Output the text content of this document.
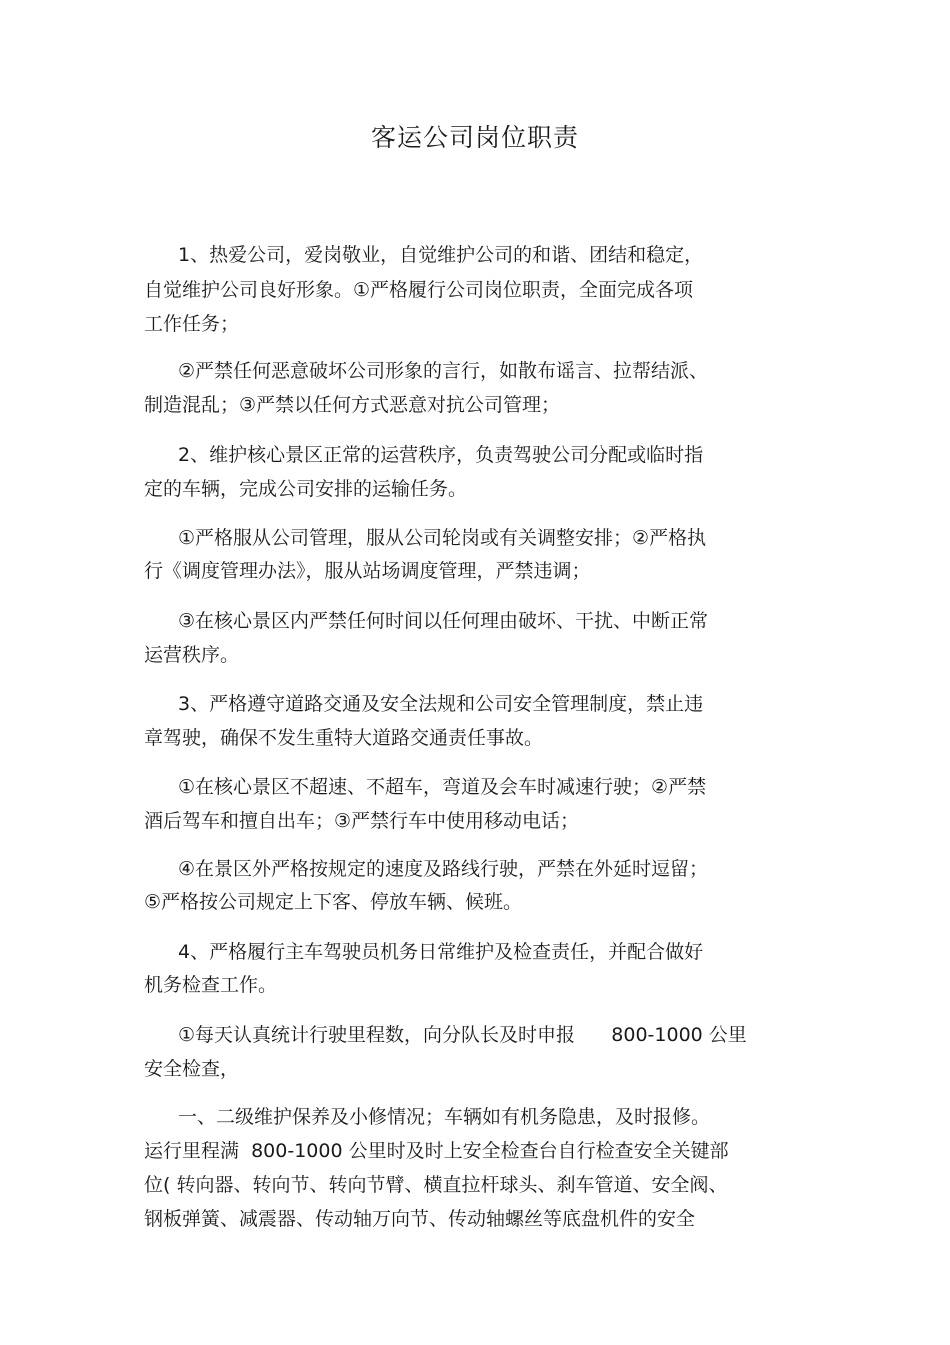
客运公司岗位职责
1、热爱公司，爱岗敬业，自觉维护公司的和谐、团结和稳定，
自觉维护公司良好形象。①严格履行公司岗位职责，全面完成各项
工作任务；
②严禁任何恶意破坏公司形象的言行，如散布谣言、拉帮结派、
制造混乱；③严禁以任何方式恶意对抗公司管理；
2、维护核心景区正常的运营秩序，负责驾驶公司分配或临时指
定的车辆，完成公司安排的运输任务。
①严格服从公司管理，服从公司轮岗或有关调整安排；②严格执
行《调度管理办法》，服从站场调度管理，严禁违调；
③在核心景区内严禁任何时间以任何理由破坏、干扰、中断正常
运营秩序。
3、严格遵守道路交通及安全法规和公司安全管理制度，禁止违
章驾驶，确保不发生重特大道路交通责任事故。
①在核心景区不超速、不超车，弯道及会车时减速行驶；②严禁
酒后驾车和擅自出车；③严禁行车中使用移动电话；
④在景区外严格按规定的速度及路线行驶，严禁在外延时逗留；
⑤严格按公司规定上下客、停放车辆、候班。
4、严格履行主车驾驶员机务日常维护及检查责任，并配合做好
机务检查工作。
①每天认真统计行驶里程数，向分队长及时申报      800-1000 公里
安全检查，
一、二级维护保养及小修情况；车辆如有机务隐患，及时报修。
运行里程满  800-1000 公里时及时上安全检查台自行检查安全关键部
位( 转向器、转向节、转向节臂、横直拉杆球头、刹车管道、安全阀、
钢板弹簧、减震器、传动轴万向节、传动轴螺丝等底盘机件的安全
